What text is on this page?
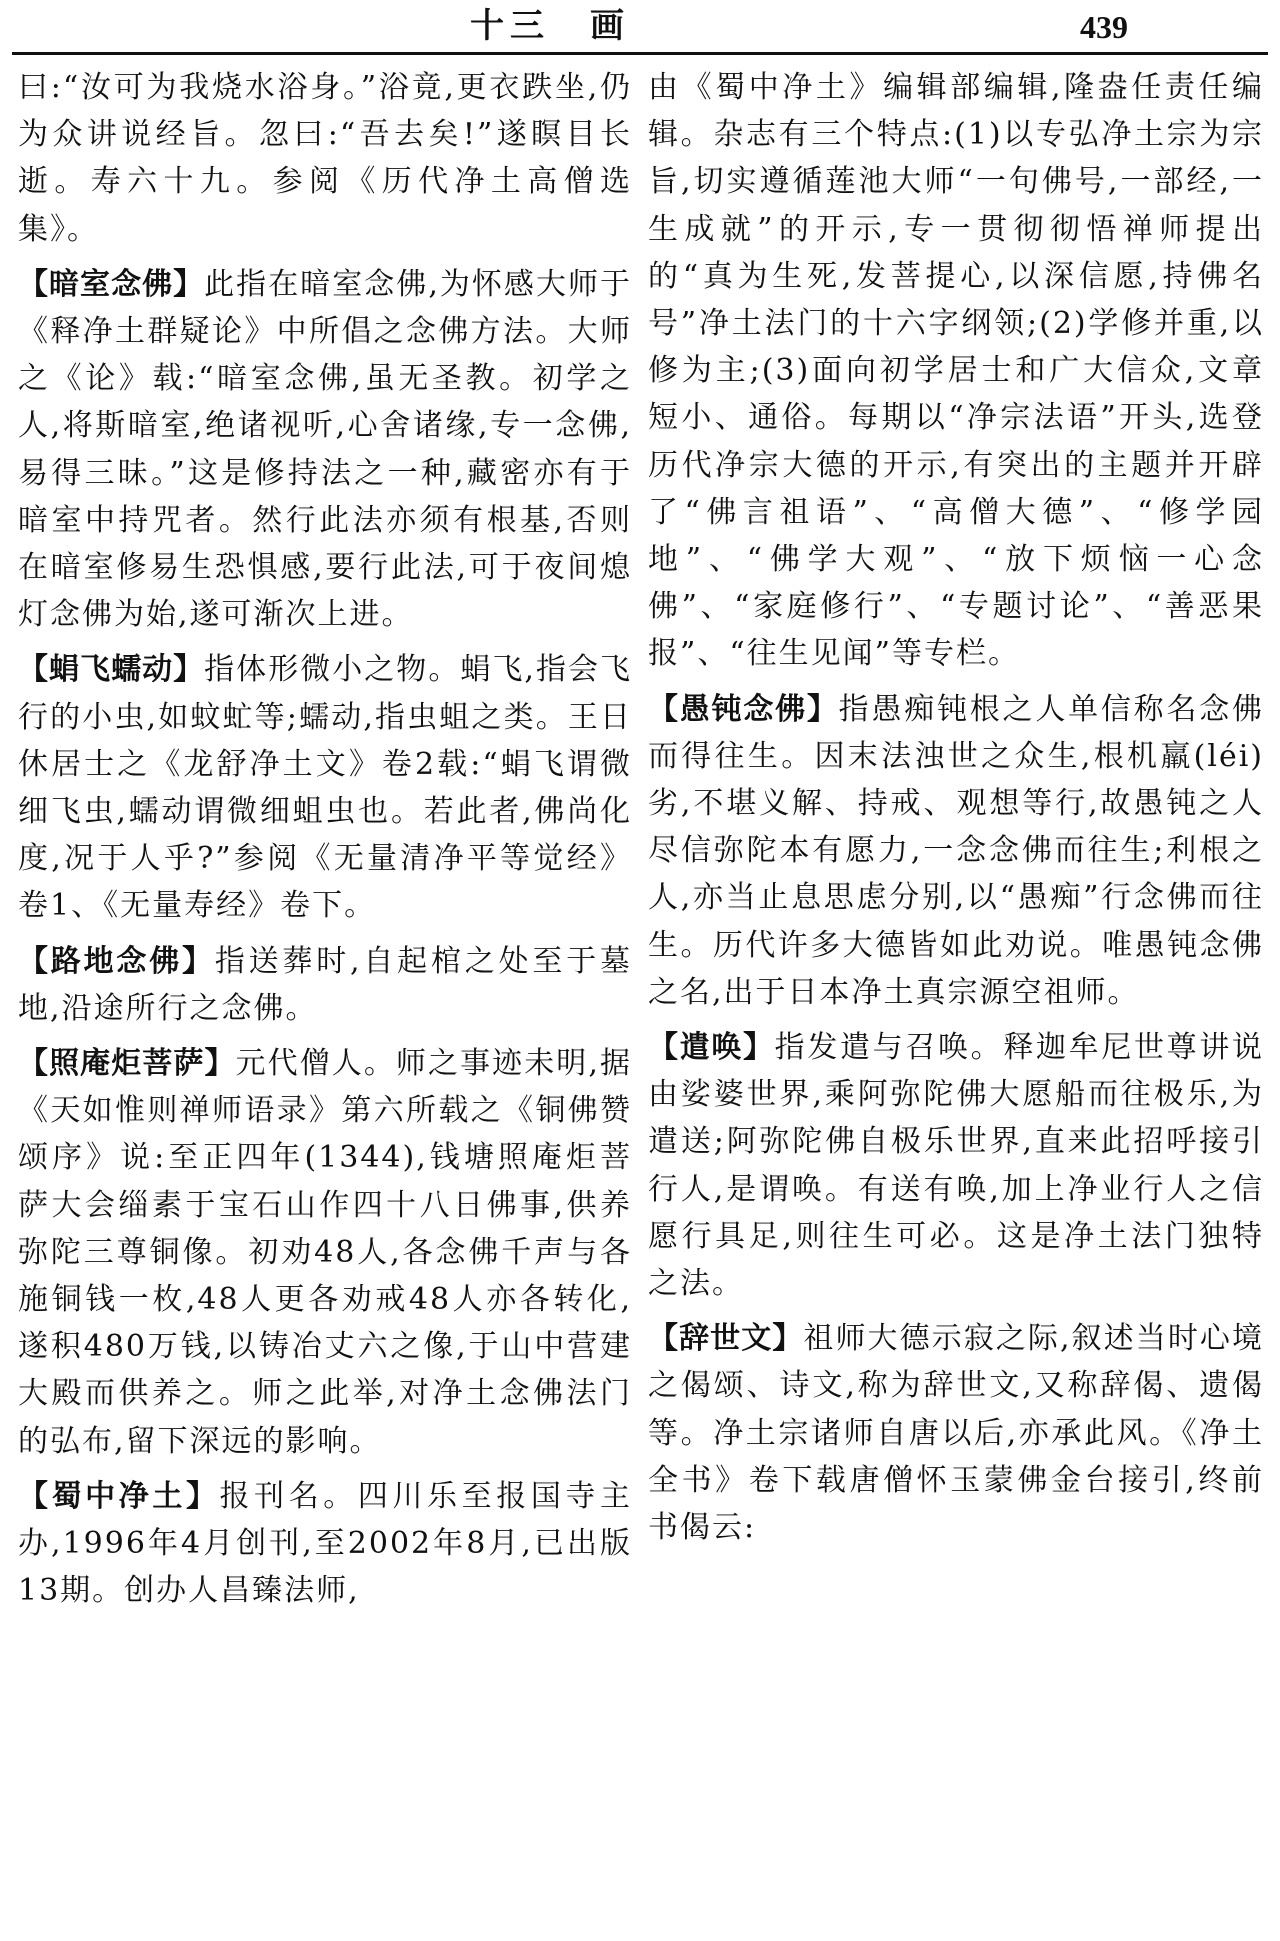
十三 画	439

曰:“汝可为我烧水浴身。”浴竟,更衣跌坐,仍为众讲说经旨。忽曰:“吾去矣!”遂瞑目长逝。寿六十九。参阅《历代净土高僧选集》。

【暗室念佛】此指在暗室念佛,为怀感大师于《释净土群疑论》中所倡之念佛方法。大师之《论》载:“暗室念佛,虽无圣教。初学之人,将斯暗室,绝诸视听,心舍诸缘,专一念佛,易得三昧。”这是修持法之一种,藏密亦有于暗室中持咒者。然行此法亦须有根基,否则在暗室修易生恐惧感,要行此法,可于夜间熄灯念佛为始,遂可渐次上进。

【蜎飞蠕动】指体形微小之物。蜎飞,指会飞行的小虫,如蚊虻等;蠕动,指虫蛆之类。王日休居士之《龙舒净土文》卷2载:“蜎飞谓微细飞虫,蠕动谓微细蛆虫也。若此者,佛尚化度,况于人乎?”参阅《无量清净平等觉经》卷1、《无量寿经》卷下。

【路地念佛】指送葬时,自起棺之处至于墓地,沿途所行之念佛。

【照庵炬菩萨】元代僧人。师之事迹未明,据《天如惟则禅师语录》第六所载之《铜佛赞颂序》说:至正四年(1344),钱塘照庵炬菩萨大会缁素于宝石山作四十八日佛事,供养弥陀三尊铜像。初劝48人,各念佛千声与各施铜钱一枚,48人更各劝戒48人亦各转化,遂积480万钱,以铸冶丈六之像,于山中营建大殿而供养之。师之此举,对净土念佛法门的弘布,留下深远的影响。

【蜀中净土】报刊名。四川乐至报国寺主办,1996年4月创刊,至2002年8月,已出版13期。创办人昌臻法师,

由《蜀中净土》编辑部编辑,隆盎任责任编辑。杂志有三个特点:(1)以专弘净土宗为宗旨,切实遵循莲池大师“一句佛号,一部经,一生成就”的开示,专一贯彻彻悟禅师提出的“真为生死,发菩提心,以深信愿,持佛名号”净土法门的十六字纲领;(2)学修并重,以修为主;(3)面向初学居士和广大信众,文章短小、通俗。每期以“净宗法语”开头,选登历代净宗大德的开示,有突出的主题并开辟了“佛言祖语”、“高僧大德”、“修学园地”、“佛学大观”、“放下烦恼一心念佛”、“家庭修行”、“专题讨论”、“善恶果报”、“往生见闻”等专栏。

【愚钝念佛】指愚痴钝根之人单信称名念佛而得往生。因末法浊世之众生,根机羸(léi)劣,不堪义解、持戒、观想等行,故愚钝之人尽信弥陀本有愿力,一念念佛而往生;利根之人,亦当止息思虑分别,以“愚痴”行念佛而往生。历代许多大德皆如此劝说。唯愚钝念佛之名,出于日本净土真宗源空祖师。

【遣唤】指发遣与召唤。释迦牟尼世尊讲说由娑婆世界,乘阿弥陀佛大愿船而往极乐,为遣送;阿弥陀佛自极乐世界,直来此招呼接引行人,是谓唤。有送有唤,加上净业行人之信愿行具足,则往生可必。这是净土法门独特之法。

【辞世文】祖师大德示寂之际,叙述当时心境之偈颂、诗文,称为辞世文,又称辞偈、遗偈等。净土宗诸师自唐以后,亦承此风。《净土全书》卷下载唐僧怀玉蒙佛金台接引,终前书偈云:
